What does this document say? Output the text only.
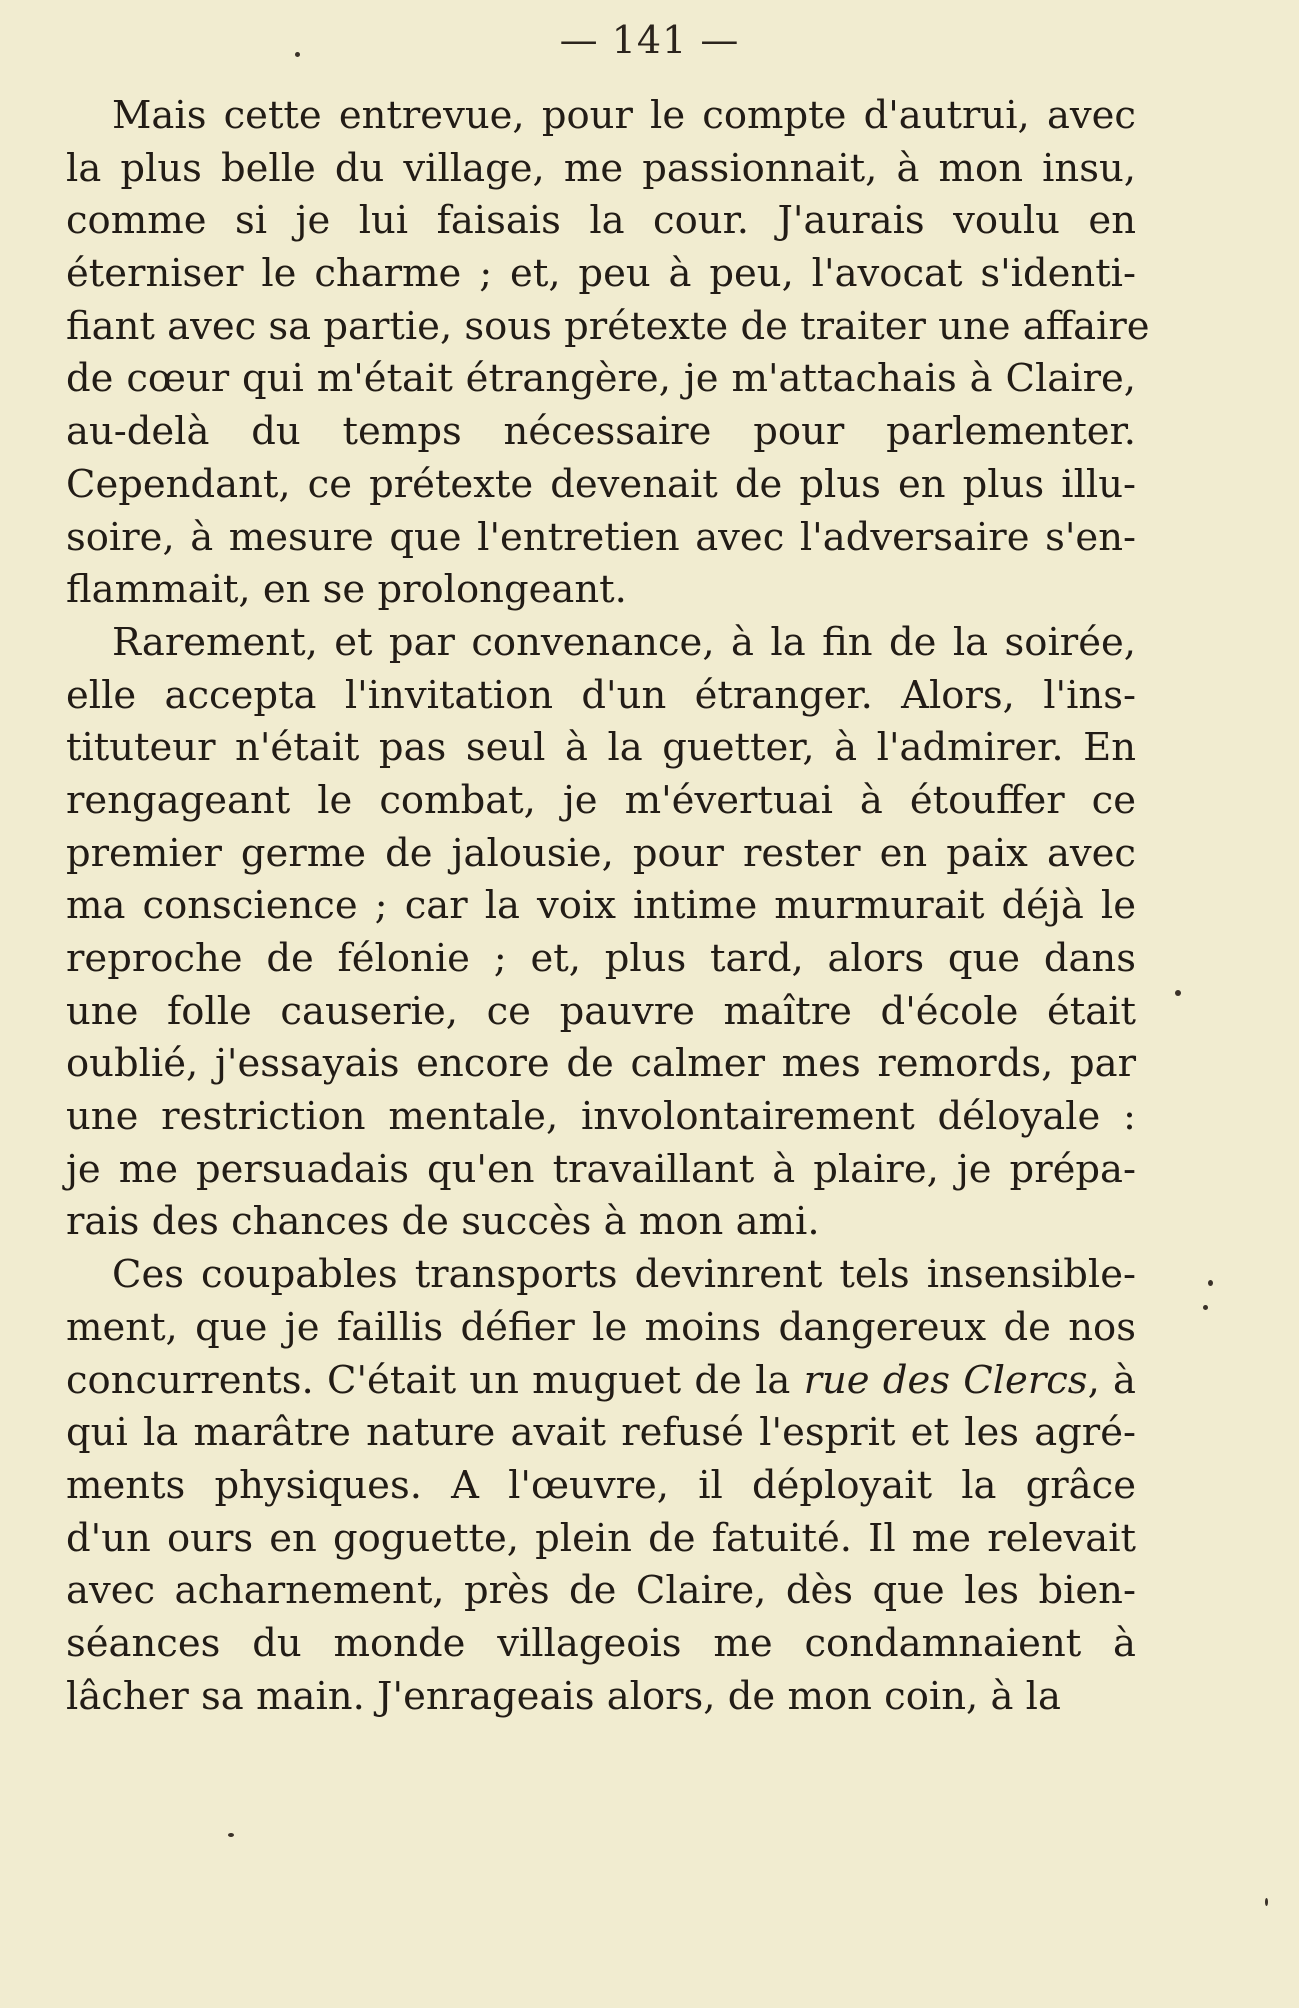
— 141 —
Mais cette entrevue, pour le compte d'autrui, avec
la plus belle du village, me passionnait, à mon insu,
comme si je lui faisais la cour. J'aurais voulu en
éterniser le charme ; et, peu à peu, l'avocat s'identi-
fiant avec sa partie, sous prétexte de traiter une affaire
de cœur qui m'était étrangère, je m'attachais à Claire,
au-delà du temps nécessaire pour parlementer.
Cependant, ce prétexte devenait de plus en plus illu-
soire, à mesure que l'entretien avec l'adversaire s'en-
flammait, en se prolongeant.
Rarement, et par convenance, à la fin de la soirée,
elle accepta l'invitation d'un étranger. Alors, l'ins-
tituteur n'était pas seul à la guetter, à l'admirer. En
rengageant le combat, je m'évertuai à étouffer ce
premier germe de jalousie, pour rester en paix avec
ma conscience ; car la voix intime murmurait déjà le
reproche de félonie ; et, plus tard, alors que dans
une folle causerie, ce pauvre maître d'école était
oublié, j'essayais encore de calmer mes remords, par
une restriction mentale, involontairement déloyale :
je me persuadais qu'en travaillant à plaire, je prépa-
rais des chances de succès à mon ami.
Ces coupables transports devinrent tels insensible-
ment, que je faillis défier le moins dangereux de nos
concurrents. C'était un muguet de la rue des Clercs, à
qui la marâtre nature avait refusé l'esprit et les agré-
ments physiques. A l'œuvre, il déployait la grâce
d'un ours en goguette, plein de fatuité. Il me relevait
avec acharnement, près de Claire, dès que les bien-
séances du monde villageois me condamnaient à
lâcher sa main. J'enrageais alors, de mon coin, à la
